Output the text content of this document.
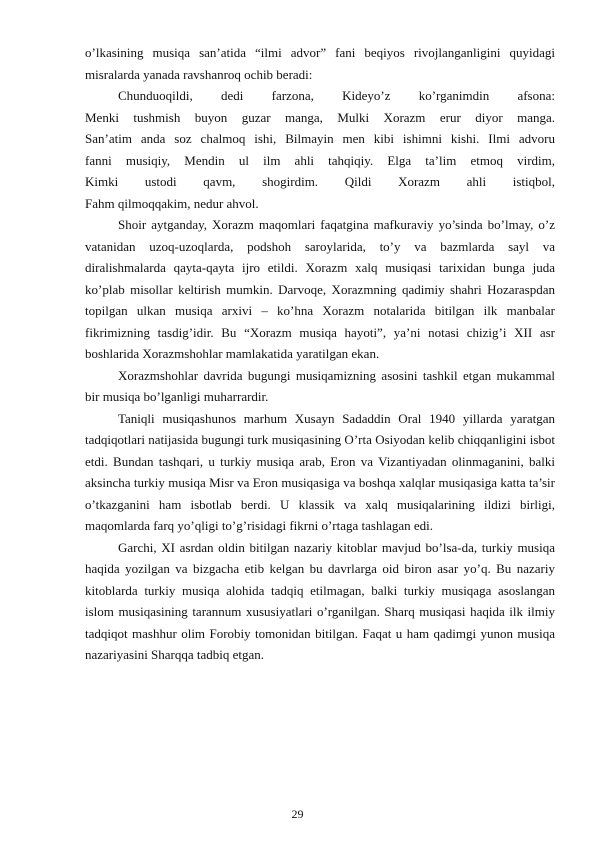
o’lkasining musiqa san’atida “ilmi advor” fani beqiyos rivojlanganligini quyidagi misralarda yanada ravshanroq ochib beradi:

Chunduoqildi, dedi farzona, Kideyo’z ko’rganimdin afsona:

Menki tushmish buyon guzar manga, Mulki Xorazm erur diyor manga.

San’atim anda soz chalmoq ishi, Bilmayin men kibi ishimni kishi. Ilmi advoru

fanni musiqiy, Mendin ul ilm ahli tahqiqiy. Elga ta’lim etmoq virdim,

Kimki ustodi qavm, shogirdim. Qildi Xorazm ahli istiqbol,

Fahm qilmoqqakim, nedur ahvol.

Shoir aytganday, Xorazm maqomlari faqatgina mafkuraviy yo’sinda bo’lmay, o’z vatanidan uzoq-uzoqlarda, podshoh saroylarida, to’y va bazmlarda sayl va diralishmalarda qayta-qayta ijro etildi. Xorazm xalq musiqasi tarixidan bunga juda ko’plab misollar keltirish mumkin. Darvoqe, Xorazmning qadimiy shahri Hozaraspdan topilgan ulkan musiqa arxivi – ko’hna Xorazm notalarida bitilgan ilk manbalar fikrimizning tasdig’idir. Bu “Xorazm musiqa hayoti”, ya’ni notasi chizig’i XII asr boshlarida Xorazmshohlar mamlakatida yaratilgan ekan.

Xorazmshohlar davrida bugungi musiqamizning asosini tashkil etgan mukammal bir musiqa bo’lganligi muharrardir.

Taniqli musiqashunos marhum Xusayn Sadaddin Oral 1940 yillarda yaratgan tadqiqotlari natijasida bugungi turk musiqasining O’rta Osiyodan kelib chiqqanligini isbot etdi. Bundan tashqari, u turkiy musiqa arab, Eron va Vizantiyadan olinmaganini, balki aksincha turkiy musiqa Misr va Eron musiqasiga va boshqa xalqlar musiqasiga katta ta’sir o’tkazganini ham isbotlab berdi. U klassik va xalq musiqalarining ildizi birligi, maqomlarda farq yo’qligi to’g’risidagi fikrni o’rtaga tashlagan edi.

Garchi, XI asrdan oldin bitilgan nazariy kitoblar mavjud bo’lsa-da, turkiy musiqa haqida yozilgan va bizgacha etib kelgan bu davrlarga oid biron asar yo’q. Bu nazariy kitoblarda turkiy musiqa alohida tadqiq etilmagan, balki turkiy musiqaga asoslangan islom musiqasining tarannum xususiyatlari o’rganilgan. Sharq musiqasi haqida ilk ilmiy tadqiqot mashhur olim Forobiy tomonidan bitilgan. Faqat u ham qadimgi yunon musiqa nazariyasini Sharqqa tadbiq etgan.

29
